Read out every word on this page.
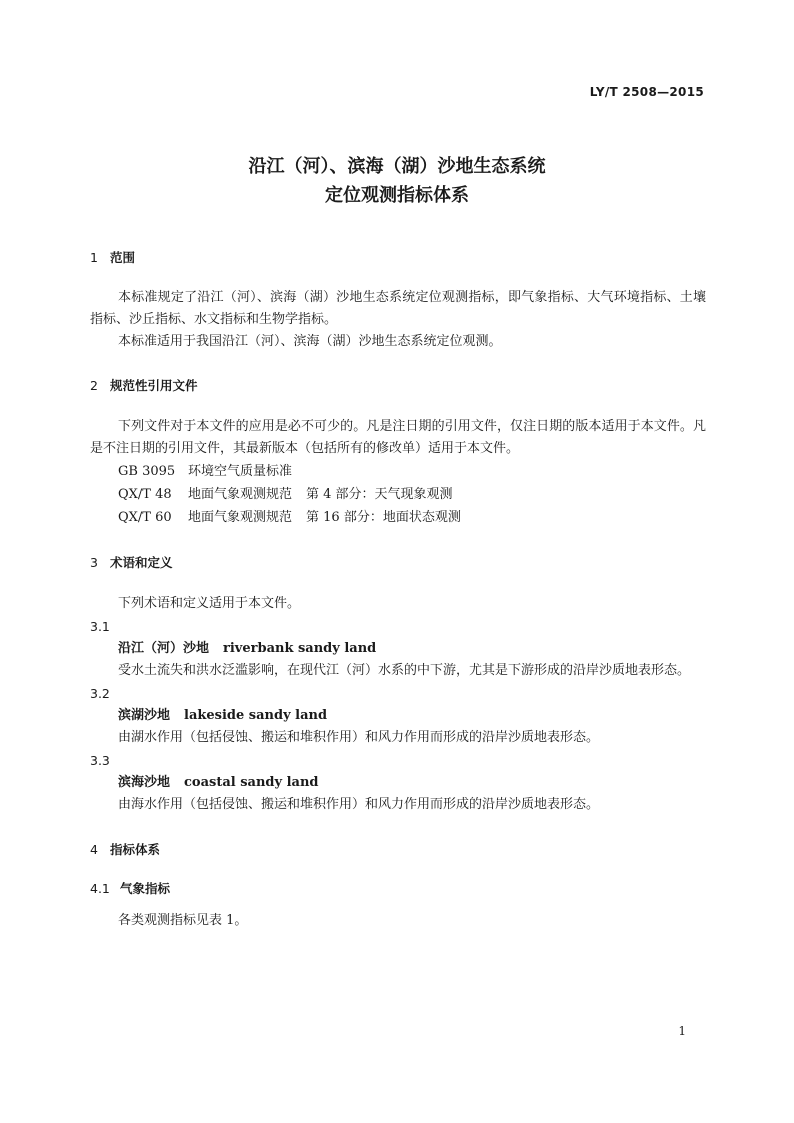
LY/T 2508—2015
沿江（河）、滨海（湖）沙地生态系统
定位观测指标体系
1 范围
本标准规定了沿江（河）、滨海（湖）沙地生态系统定位观测指标，即气象指标、大气环境指标、土壤指标、沙丘指标、水文指标和生物学指标。
本标准适用于我国沿江（河）、滨海（湖）沙地生态系统定位观测。
2 规范性引用文件
下列文件对于本文件的应用是必不可少的。凡是注日期的引用文件，仅注日期的版本适用于本文件。凡是不注日期的引用文件，其最新版本（包括所有的修改单）适用于本文件。
GB 3095 环境空气质量标准
QX/T 48 地面气象观测规范 第 4 部分：天气现象观测
QX/T 60 地面气象观测规范 第 16 部分：地面状态观测
3 术语和定义
下列术语和定义适用于本文件。
3.1
沿江（河）沙地 riverbank sandy land
受水土流失和洪水泛滥影响，在现代江（河）水系的中下游，尤其是下游形成的沿岸沙质地表形态。
3.2
滨湖沙地 lakeside sandy land
由湖水作用（包括侵蚀、搬运和堆积作用）和风力作用而形成的沿岸沙质地表形态。
3.3
滨海沙地 coastal sandy land
由海水作用（包括侵蚀、搬运和堆积作用）和风力作用而形成的沿岸沙质地表形态。
4 指标体系
4.1 气象指标
各类观测指标见表 1。
1
